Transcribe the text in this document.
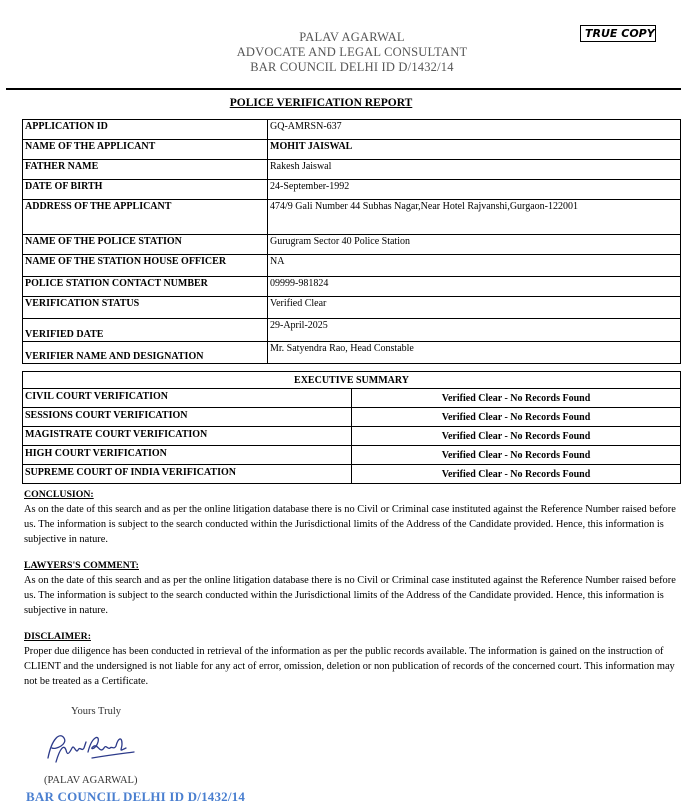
PALAV AGARWAL
ADVOCATE AND LEGAL CONSULTANT
BAR COUNCIL DELHI ID D/1432/14
TRUE COPY
POLICE VERIFICATION REPORT
APPLICATION ID	GQ-AMRSN-637
NAME OF THE APPLICANT	MOHIT JAISWAL
FATHER NAME	Rakesh Jaiswal
DATE OF BIRTH	24-September-1992
ADDRESS OF THE APPLICANT	474/9 Gali Number 44 Subhas Nagar,Near Hotel Rajvanshi,Gurgaon-122001
NAME OF THE POLICE STATION	Gurugram Sector 40 Police Station
NAME OF THE STATION HOUSE OFFICER	NA
POLICE STATION CONTACT NUMBER	09999-981824
VERIFICATION STATUS	Verified Clear
VERIFIED DATE	29-April-2025
VERIFIER NAME AND DESIGNATION	Mr. Satyendra Rao, Head Constable
EXECUTIVE SUMMARY	
CIVIL COURT VERIFICATION	Verified Clear - No Records Found
SESSIONS COURT VERIFICATION	Verified Clear - No Records Found
MAGISTRATE COURT VERIFICATION	Verified Clear - No Records Found
HIGH COURT VERIFICATION	Verified Clear - No Records Found
SUPREME COURT OF INDIA VERIFICATION	Verified Clear - No Records Found
CONCLUSION:

As on the date of this search and as per the online litigation database there is no Civil or Criminal case instituted against the Reference Number raised before us. The information is subject to the search conducted within the Jurisdictional limits of the Address of the Candidate provided. Hence, this information is subjective in nature.

LAWYERS'S COMMENT:

As on the date of this search and as per the online litigation database there is no Civil or Criminal case instituted against the Reference Number raised before us. The information is subject to the search conducted within the Jurisdictional limits of the Address of the Candidate provided. Hence, this information is subjective in nature.

DISCLAIMER:

Proper due diligence has been conducted in retrieval of the information as per the public records available. The information is gained on the instruction of CLIENT and the undersigned is not liable for any act of error, omission, deletion or non publication of records of the concerned court. This information may not be treated as a Certificate.

Yours Truly
(PALAV AGARWAL)
BAR COUNCIL DELHI ID D/1432/14
